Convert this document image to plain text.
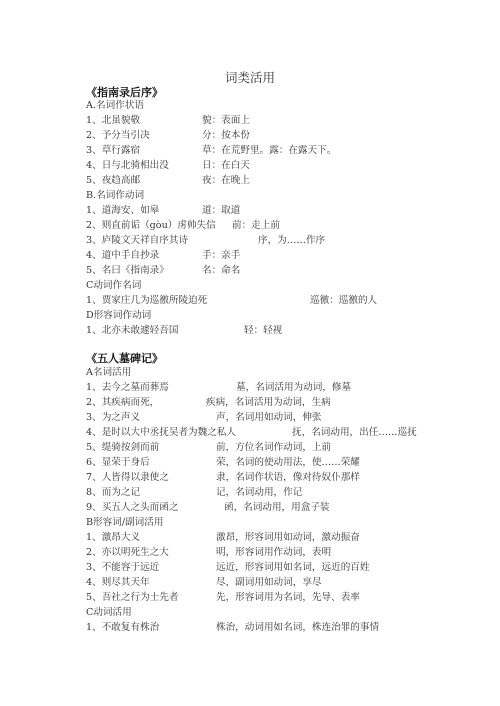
词类活用
《指南录后序》
A.名词作状语
1、北虽貌敬	貌：表面上
2、予分当引决	分：按本份
3、草行露宿	草：在荒野里。露：在露天下。
4、日与北骑相出没	日：在白天
5、夜趋高邮	夜：在晚上
B.名词作动词
1、道海安、如皋	道：取道
2、则直前诟（gòu）虏帅失信 前：走上前
3、庐陵文天祥自序其诗	序，为……作序
4、道中手自抄录	手：亲手
5、名曰《指南录》	名：命名
C动词作名词
1、贾家庄几为巡徼所陵迫死	巡徼：巡徼的人
D形容词作动词
1、北亦未敢遽轻吾国	轻：轻视
《五人墓碑记》
A名词活用
1、去今之墓而葬焉	墓，名词活用为动词，修墓
2、其疾病而死，	疾病，名词活用为动词，生病
3、为之声义	声，名词用如动词，伸张
4、是时以大中丞抚吴者为魏之私人	抚，名词动用，出任……巡抚
5、缇骑按剑而前	前，方位名词作动词，上前
6、显荣于身后	荣，名词的使动用法，使……荣耀
7、人皆得以隶使之	隶，名词作状语，像对待奴仆那样
8、而为之记	记，名词动用，作记
9、买五人之头而函之	函，名词动用，用盒子装
B形容词/副词活用
1、激昂大义	激昂，形容词用如动词，激动振奋
2、亦以明死生之大	明，形容词用作动词，表明
3、不能容于远近	远近，形容词用如名词，远近的百姓
4、则尽其天年	尽，副词用如动词，享尽
5、吾社之行为士先者	先，形容词用为名词，先导、表率
C动词活用
1、不敢复有株治	株治，动词用如名词，株连治罪的事情
